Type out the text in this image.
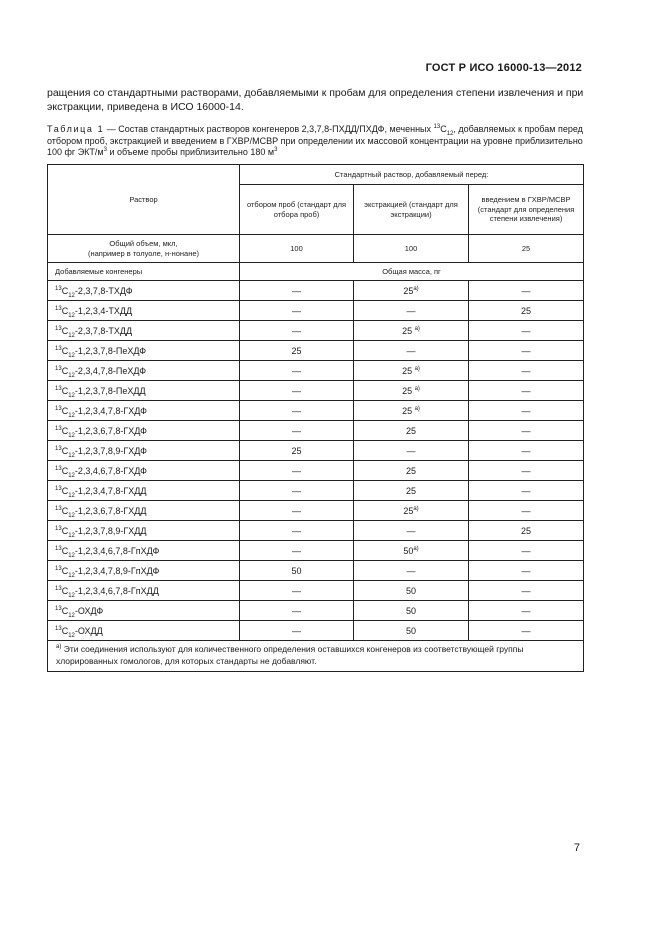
ГОСТ Р ИСО 16000-13—2012
ращения со стандартными растворами, добавляемыми к пробам для определения степени извлечения и при экстракции, приведена в ИСО 16000-14.
Таблица 1 — Состав стандартных растворов конгенеров 2,3,7,8-ПХДД/ПХДФ, меченных $^{13}C_{12}$, добавляемых к пробам перед отбором проб, экстракцией и введением в ГХВР/МСВР при определении их массовой концентрации на уровне приблизительно 100 фг ЭКТ/$м^3$ и объеме пробы приблизительно 180 $м^3$
Раствор	Стандартный раствор, добавляемый перед:		
	отбором проб (стандарт для отбора проб)	экстракцией (стандарт для экстракции)	введением в ГХВР/МСВР (стандарт для определения степени извлечения)

Общий объем, мкл,
(например в толуоле, н-нонане)	100	100	25
Добавляемые конгенеры	Общая масса, пг		
$^{13}C_{12}-2,3,7,8$-ТХДФ	—	$25^{а)}$	—
$^{13}C_{12}-1,2,3,4$-ТХДД	—	—	25
$^{13}C_{12}-2,3,7,8$-ТХДД	—	25 $^{а)}$	—
$^{13}C_{12}-1,2,3,7,8$-ПеХДФ	25	—	—
$^{13}C_{12}-2,3,4,7,8$-ПеХДФ	—	25 $^{а)}$	—
$^{13}C_{12}-1,2,3,7,8$-ПеХДД	—	25 $^{а)}$	—
$^{13}C_{12}-1,2,3,4,7,8$-ГХДФ	—	25 $^{а)}$	—
$^{13}C_{12}-1,2,3,6,7,8$-ГХДФ	—	25	—
$^{13}C_{12}-1,2,3,7,8,9$-ГХДФ	25	—	—
$^{13}C_{12}-2,3,4,6,7,8$-ГХДФ	—	25	—
$^{13}C_{12}-1,2,3,4,7,8$-ГХДД	—	25	—
$^{13}C_{12}-1,2,3,6,7,8$-ГХДД	—	$25^{а)}$	—
$^{13}C_{12}-1,2,3,7,8,9$-ГХДД	—	—	25
$^{13}C_{12}-1,2,3,4,6,7,8$-ГпХДФ	—	$50^{а)}$	—
$^{13}C_{12}-1,2,3,4,7,8,9$-ГпХДФ	50	—	—
$^{13}C_{12}-1,2,3,4,6,7,8$-ГпХДД	—	50	—
$^{13}C_{12}$-ОХДФ	—	50	—
$^{13}C_{12}$-ОХДД	—	50	—
$^{а)}$ Эти соединения используют для количественного определения оставшихся конгенеров из соответствующей группы хлорированных гомологов, для которых стандарты не добавляют.			
7
